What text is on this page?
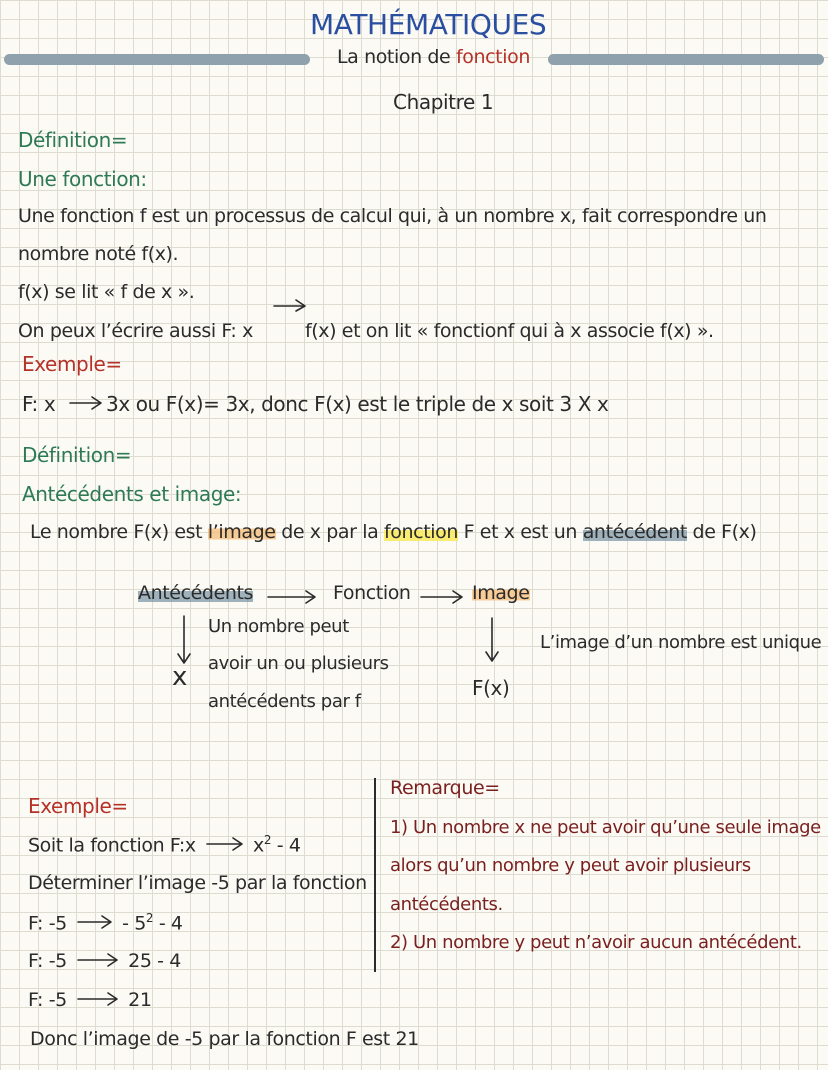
MATHÉMATIQUES
La notion de fonction
Chapitre 1
Définition=
Une fonction:
Une fonction f est un processus de calcul qui, à un nombre x, fait correspondre un
nombre noté f(x).
f(x) se lit « f de x ».
On peux l’écrire aussi F: x	f(x) et on lit « fonctionf qui à x associe f(x) ».
Exemple=
F: x	3x ou F(x)= 3x, donc F(x) est le triple de x soit 3 X x
Définition=
Antécédents et image:
Le nombre F(x) est l’image de x par la fonction F et x est un antécédent de F(x)
Antécédents	Fonction	Image
x
Un nombre peut
avoir un ou plusieurs
antécédents par f
F(x)
L’image d’un nombre est unique
Exemple=
Soit la fonction F:x	$x^2 - 4$
Déterminer l’image -5 par la fonction
F: -5	- $5^2 - 4$
F: -5	25 - 4
F: -5	21
Donc l’image de -5 par la fonction F est 21
Remarque=
1) Un nombre x ne peut avoir qu’une seule image
alors qu’un nombre y peut avoir plusieurs
antécédents.
2) Un nombre y peut n’avoir aucun antécédent.
